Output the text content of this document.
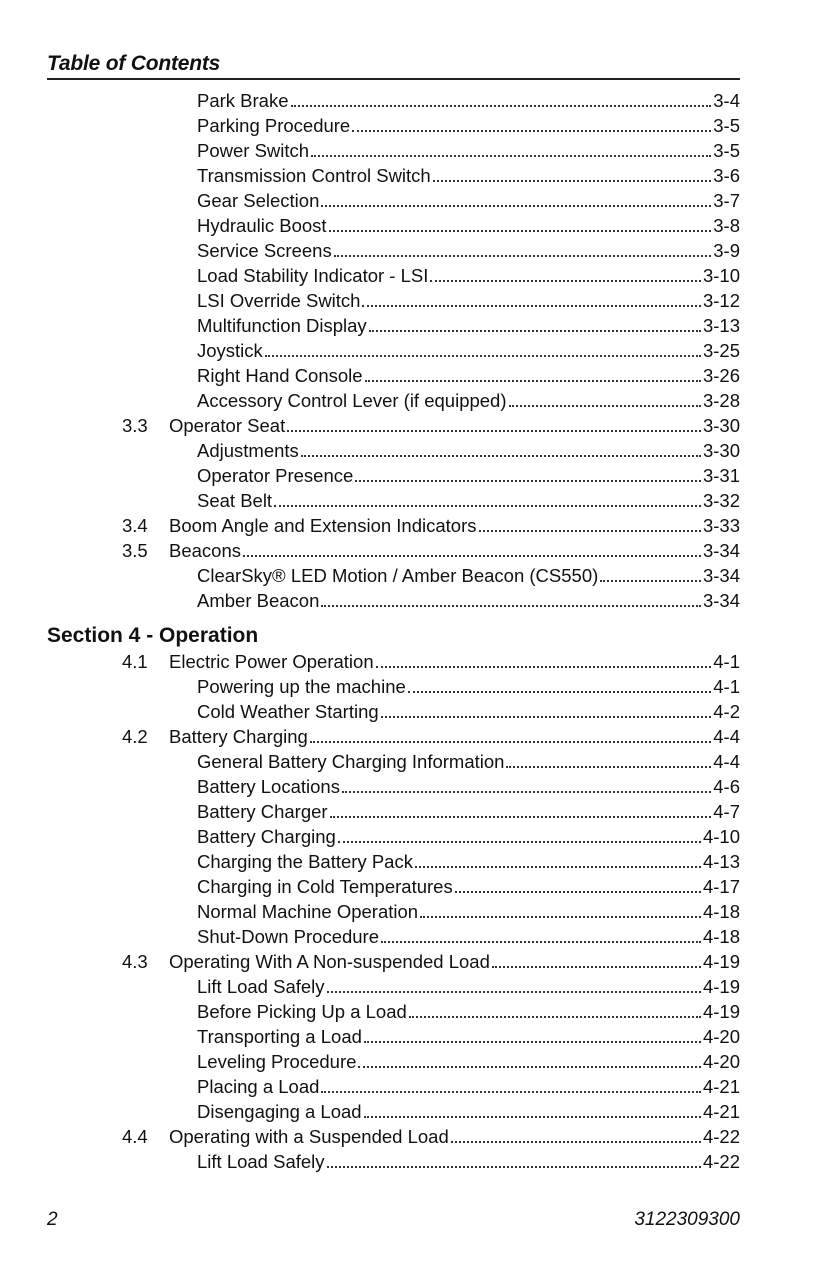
Table of Contents
Park Brake	3-4
Parking Procedure	3-5
Power Switch	3-5
Transmission Control Switch	3-6
Gear Selection	3-7
Hydraulic Boost	3-8
Service Screens	3-9
Load Stability Indicator - LSI	3-10
LSI Override Switch	3-12
Multifunction Display	3-13
Joystick	3-25
Right Hand Console	3-26
Accessory Control Lever (if equipped)	3-28
3.3 Operator Seat	3-30
Adjustments	3-30
Operator Presence	3-31
Seat Belt	3-32
3.4 Boom Angle and Extension Indicators	3-33
3.5 Beacons	3-34
ClearSky® LED Motion / Amber Beacon (CS550)	3-34
Amber Beacon	3-34
Section 4 - Operation
4.1 Electric Power Operation	4-1
Powering up the machine	4-1
Cold Weather Starting	4-2
4.2 Battery Charging	4-4
General Battery Charging Information	4-4
Battery Locations	4-6
Battery Charger	4-7
Battery Charging	4-10
Charging the Battery Pack	4-13
Charging in Cold Temperatures	4-17
Normal Machine Operation	4-18
Shut-Down Procedure	4-18
4.3 Operating With A Non-suspended Load	4-19
Lift Load Safely	4-19
Before Picking Up a Load	4-19
Transporting a Load	4-20
Leveling Procedure	4-20
Placing a Load	4-21
Disengaging a Load	4-21
4.4 Operating with a Suspended Load	4-22
Lift Load Safely	4-22
2	3122309300
